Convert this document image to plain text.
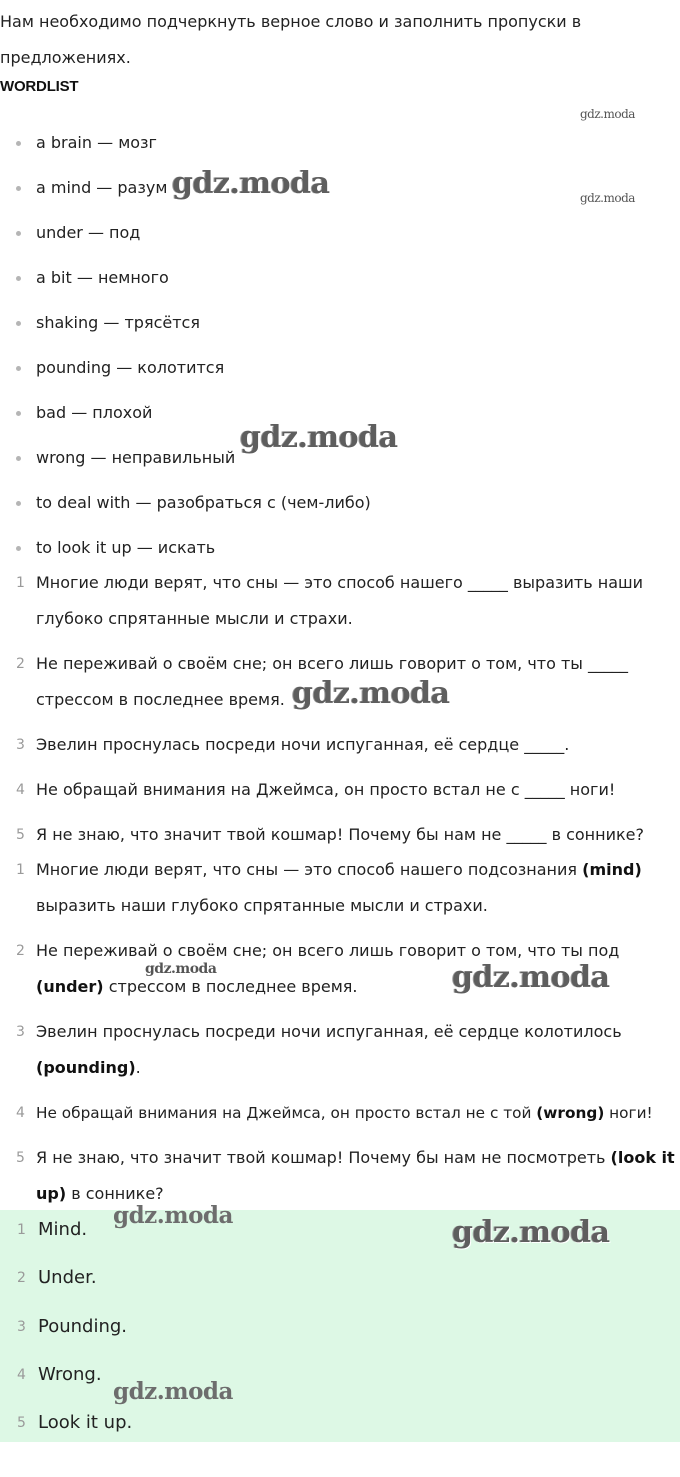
Нам необходимо подчеркнуть верное слово и заполнить пропуски в предложениях.
WORDLIST
a brain — мозг
a mind — разум
under — под
a bit — немного
shaking — трясётся
pounding — колотится
bad — плохой
wrong — неправильный
to deal with — разобраться с (чем-либо)
to look it up — искать
1 Многие люди верят, что сны — это способ нашего _____ выразить наши глубоко спрятанные мысли и страхи.
2 Не переживай о своём сне; он всего лишь говорит о том, что ты _____ стрессом в последнее время.
3 Эвелин проснулась посреди ночи испуганная, её сердце _____.
4 Не обращай внимания на Джеймса, он просто встал не с _____ ноги!
5 Я не знаю, что значит твой кошмар! Почему бы нам не _____ в соннике?
1 Многие люди верят, что сны — это способ нашего подсознания (mind) выразить наши глубоко спрятанные мысли и страхи.
2 Не переживай о своём сне; он всего лишь говорит о том, что ты под (under) стрессом в последнее время.
3 Эвелин проснулась посреди ночи испуганная, её сердце колотилось (pounding).
4 Не обращай внимания на Джеймса, он просто встал не с той (wrong) ноги!
5 Я не знаю, что значит твой кошмар! Почему бы нам не посмотреть (look it up) в соннике?
1 Mind.
2 Under.
3 Pounding.
4 Wrong.
5 Look it up.
gdz.moda
gdz.moda
gdz.moda
gdz.moda
gdz.moda
gdz.moda	gdz.moda
gdz.moda	gdz.moda
gdz.moda
